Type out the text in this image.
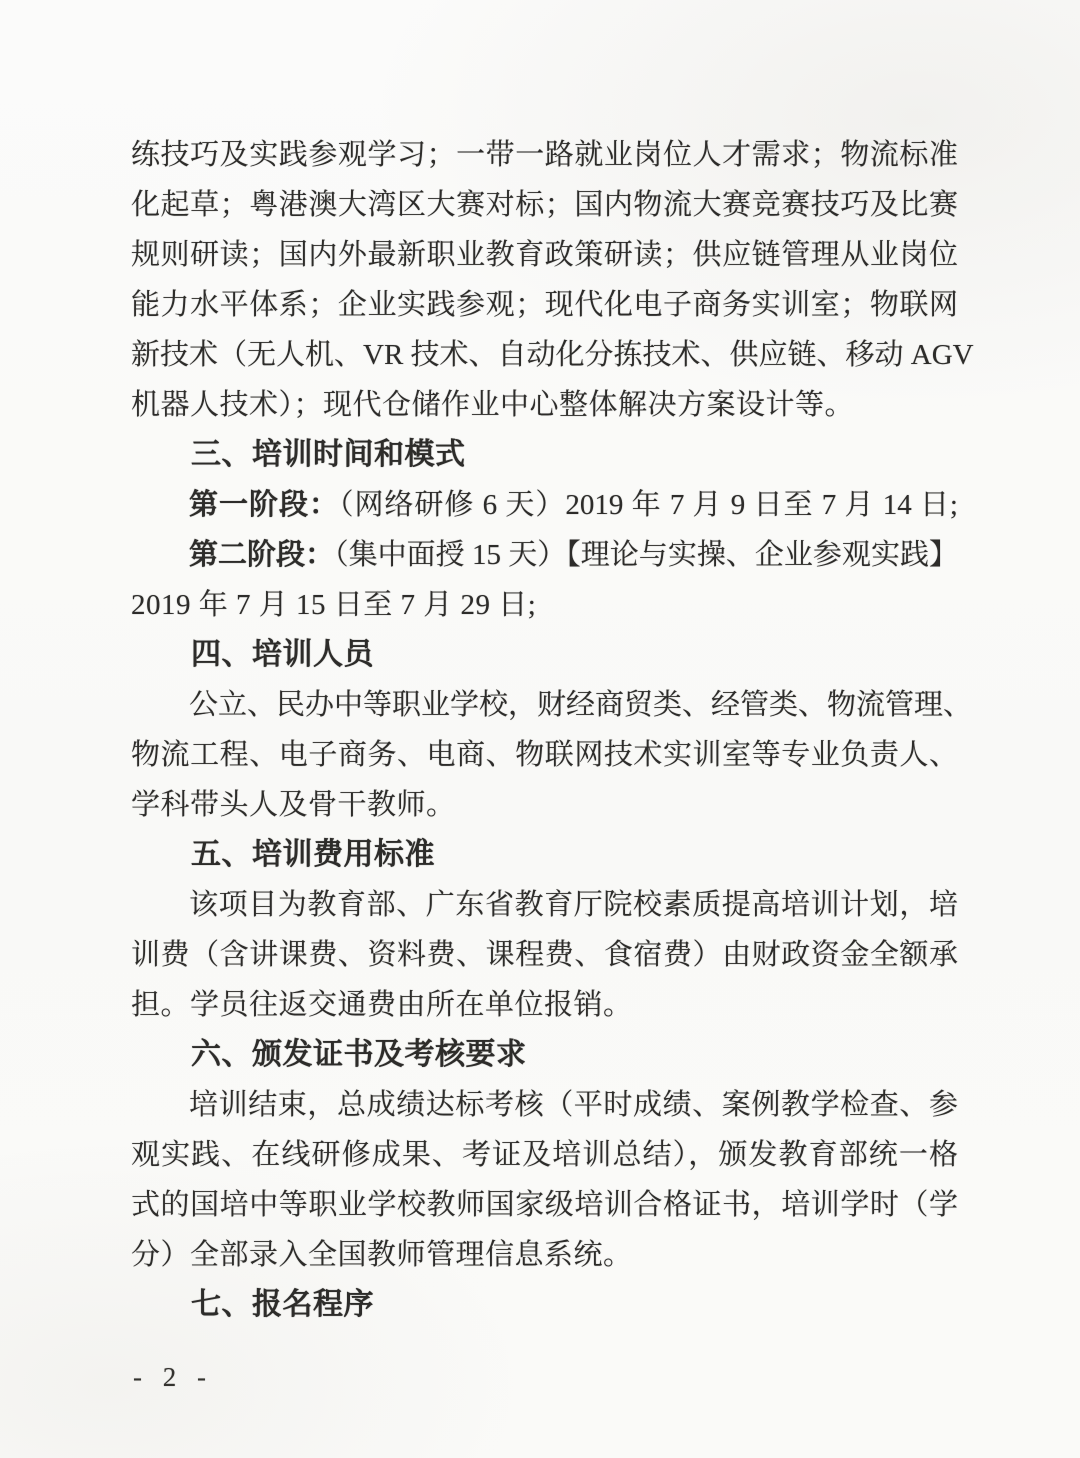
练技巧及实践参观学习；一带一路就业岗位人才需求；物流标准
化起草；粤港澳大湾区大赛对标；国内物流大赛竞赛技巧及比赛
规则研读；国内外最新职业教育政策研读；供应链管理从业岗位
能力水平体系；企业实践参观；现代化电子商务实训室；物联网
新技术（无人机、VR 技术、自动化分拣技术、供应链、移动 AGV
机器人技术）；现代仓储作业中心整体解决方案设计等。
三、培训时间和模式
第一阶段：（网络研修 6 天）2019 年 7 月 9 日至 7 月 14 日;
第二阶段：（集中面授 15 天）【理论与实操、企业参观实践】
2019 年 7 月 15 日至 7 月 29 日;
四、培训人员
公立、民办中等职业学校，财经商贸类、经管类、物流管理、
物流工程、电子商务、电商、物联网技术实训室等专业负责人、
学科带头人及骨干教师。
五、培训费用标准
该项目为教育部、广东省教育厅院校素质提高培训计划，培
训费（含讲课费、资料费、课程费、食宿费）由财政资金全额承
担。学员往返交通费由所在单位报销。
六、颁发证书及考核要求
培训结束，总成绩达标考核（平时成绩、案例教学检查、参
观实践、在线研修成果、考证及培训总结），颁发教育部统一格
式的国培中等职业学校教师国家级培训合格证书，培训学时（学
分）全部录入全国教师管理信息系统。
七、报名程序
- 2 -
